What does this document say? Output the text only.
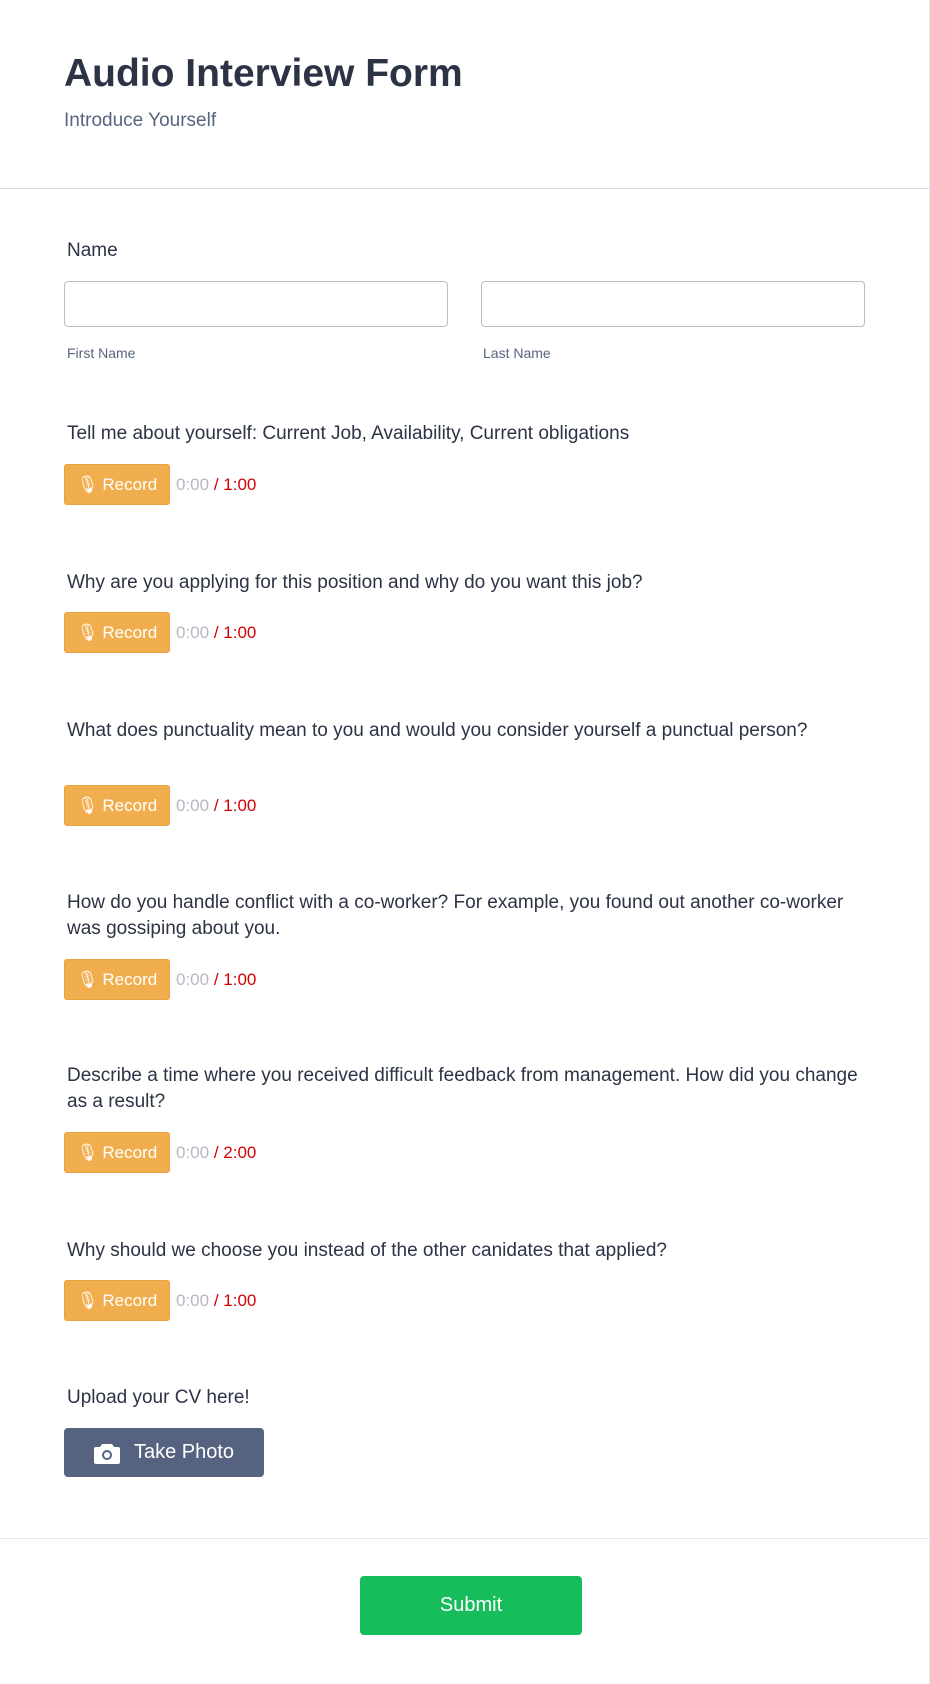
Audio Interview Form
Introduce Yourself
Name
First Name	Last Name
Tell me about yourself: Current Job, Availability, Current obligations
🎙︎ Record 0:00 / 1:00
Why are you applying for this position and why do you want this job?
🎙︎ Record 0:00 / 1:00
What does punctuality mean to you and would you consider yourself a punctual person?
🎙︎ Record 0:00 / 1:00
How do you handle conflict with a co-worker? For example, you found out another co-worker was gossiping about you.
🎙︎ Record 0:00 / 1:00
Describe a time where you received difficult feedback from management. How did you change as a result?
🎙︎ Record 0:00 / 2:00
Why should we choose you instead of the other canidates that applied?
🎙︎ Record 0:00 / 1:00
Upload your CV here!
Take Photo
Submit
